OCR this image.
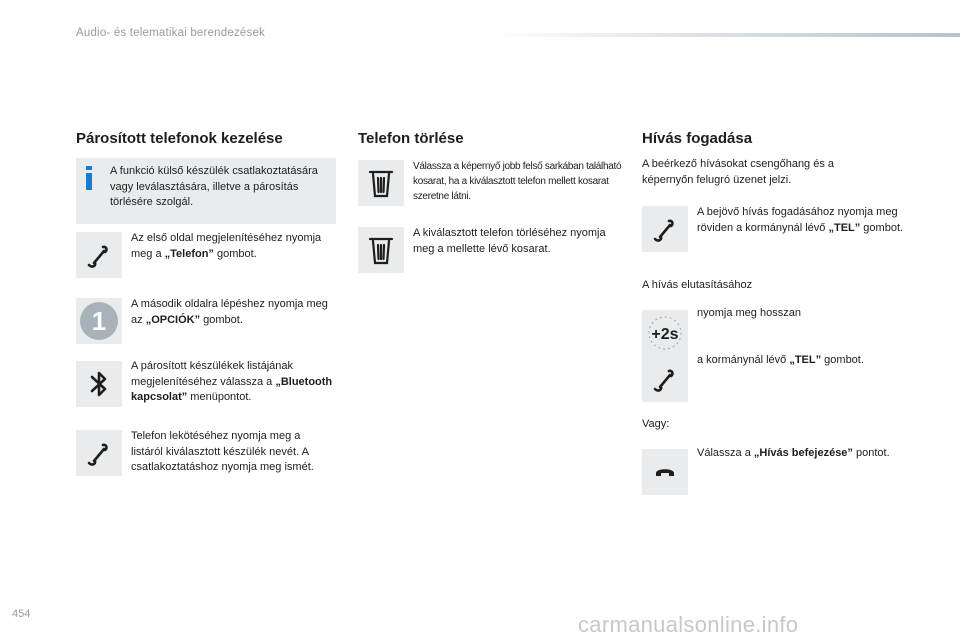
Audio- és telematikai berendezések
454	carmanualsonline.info
Párosított telefonok kezelése
A funkció külső készülék csatlakoztatására vagy leválasztására, illetve a párosítás törlésére szolgál.
Az első oldal megjelenítéséhez nyomja meg a „Telefon” gombot.
1
A második oldalra lépéshez nyomja meg az „OPCIÓK” gombot.
A párosított készülékek listájának megjelenítéséhez válassza a „Bluetooth kapcsolat” menüpontot.
Telefon lekötéséhez nyomja meg a listáról kiválasztott készülék nevét. A csatlakoztatáshoz nyomja meg ismét.
Telefon törlése
Válassza a képernyő jobb felső sarkában található kosarat, ha a kiválasztott telefon mellett kosarat szeretne látni.
A kiválasztott telefon törléséhez nyomja meg a mellette lévő kosarat.
Hívás fogadása
A beérkező hívásokat csengőhang és a képernyőn felugró üzenet jelzi.
A bejövő hívás fogadásához nyomja meg röviden a kormánynál lévő „TEL” gombot.
A hívás elutasításához
nyomja meg hosszan
+2s
a kormánynál lévő „TEL” gombot.
Vagy:
Válassza a „Hívás befejezése” pontot.
